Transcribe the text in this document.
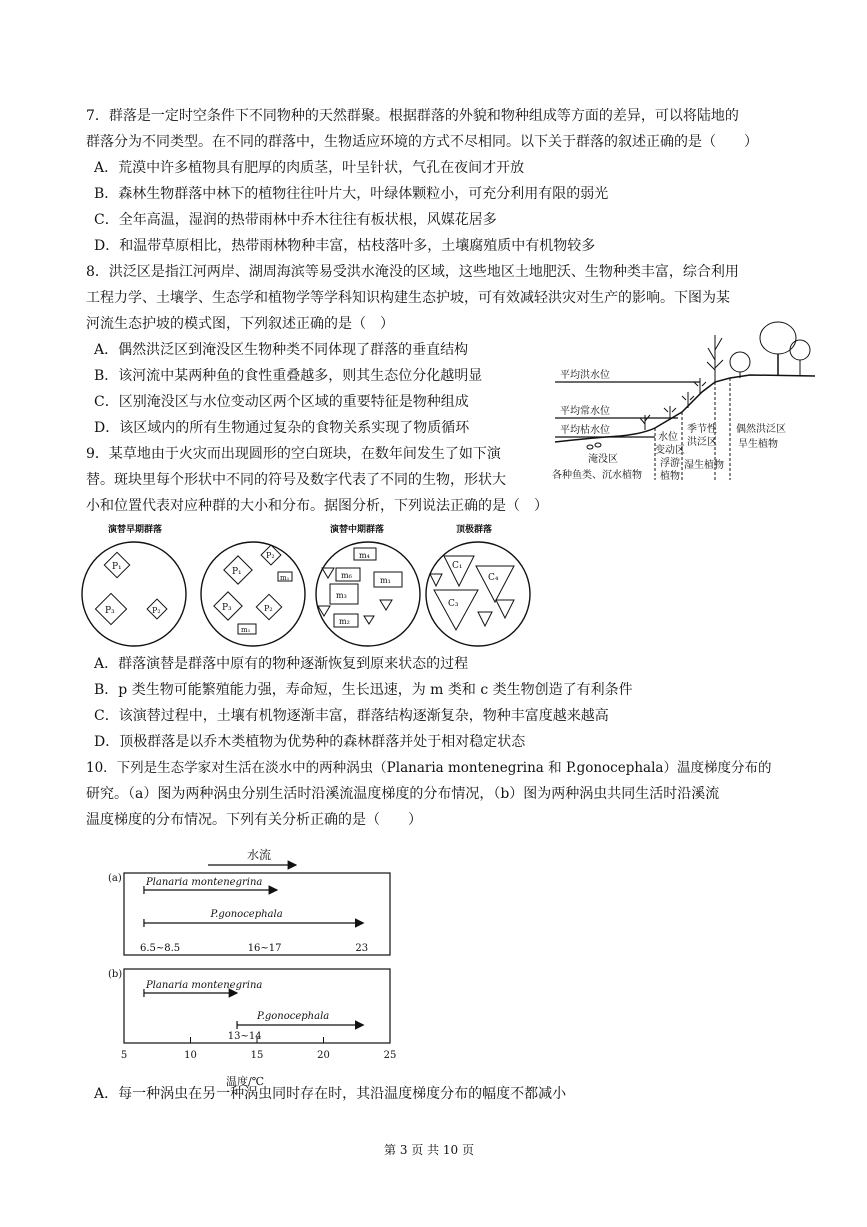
7．群落是一定时空条件下不同物种的天然群聚。根据群落的外貌和物种组成等方面的差异，可以将陆地的
群落分为不同类型。在不同的群落中，生物适应环境的方式不尽相同。以下关于群落的叙述正确的是（　　）
A．荒漠中许多植物具有肥厚的肉质茎，叶呈针状，气孔在夜间才开放
B．森林生物群落中林下的植物往往叶片大，叶绿体颗粒小，可充分利用有限的弱光
C．全年高温，湿润的热带雨林中乔木往往有板状根，风媒花居多
D．和温带草原相比，热带雨林物种丰富，枯枝落叶多，土壤腐殖质中有机物较多
8．洪泛区是指江河两岸、湖周海滨等易受洪水淹没的区域，这些地区土地肥沃、生物种类丰富，综合利用
工程力学、土壤学、生态学和植物学等学科知识构建生态护坡，可有效减轻洪灾对生产的影响。下图为某
河流生态护坡的模式图，下列叙述正确的是（　）
A．偶然洪泛区到淹没区生物种类不同体现了群落的垂直结构
B．该河流中某两种鱼的食性重叠越多，则其生态位分化越明显
C．区别淹没区与水位变动区两个区域的重要特征是物种组成
D．该区域内的所有生物通过复杂的食物关系实现了物质循环
平均洪水位
平均常水位
平均枯水位
淹没区
各种鱼类、沉水植物
水位
变动区
浮游
植物
季节性
洪泛区
湿生植物
偶然洪泛区
旱生植物
9．某草地由于火灾而出现圆形的空白斑块，在数年间发生了如下演
替。斑块里每个形状中不同的符号及数字代表了不同的生物，形状大
小和位置代表对应种群的大小和分布。据图分析，下列说法正确的是（　）
演替早期群落	演替中期群落	顶极群落
P₁
P₃	P₂
P₁
P₂
m₁
P₃	P₂
m₁
m₄
m₆
m₁
m₃
m₂
C₁
C₄
C₃
A．群落演替是群落中原有的物种逐渐恢复到原来状态的过程
B．p 类生物可能繁殖能力强，寿命短，生长迅速，为 m 类和 c 类生物创造了有利条件
C．该演替过程中，土壤有机物逐渐丰富，群落结构逐渐复杂，物种丰富度越来越高
D．顶极群落是以乔木类植物为优势种的森林群落并处于相对稳定状态
10．下列是生态学家对生活在淡水中的两种涡虫（Planaria montenegrina 和 P.gonocephala）温度梯度分布的
研究。（a）图为两种涡虫分别生活时沿溪流温度梯度的分布情况，（b）图为两种涡虫共同生活时沿溪流
温度梯度的分布情况。下列有关分析正确的是（　　）
水流
(a)
(b)
Planaria montenegrina
P.gonocephala
6.5~8.5	16~17	23
Planaria montenegrina
P.gonocephala
13~14
5	10	15	20	25
温度/℃
A．每一种涡虫在另一种涡虫同时存在时，其沿温度梯度分布的幅度不都减小
第 3 页 共 10 页
